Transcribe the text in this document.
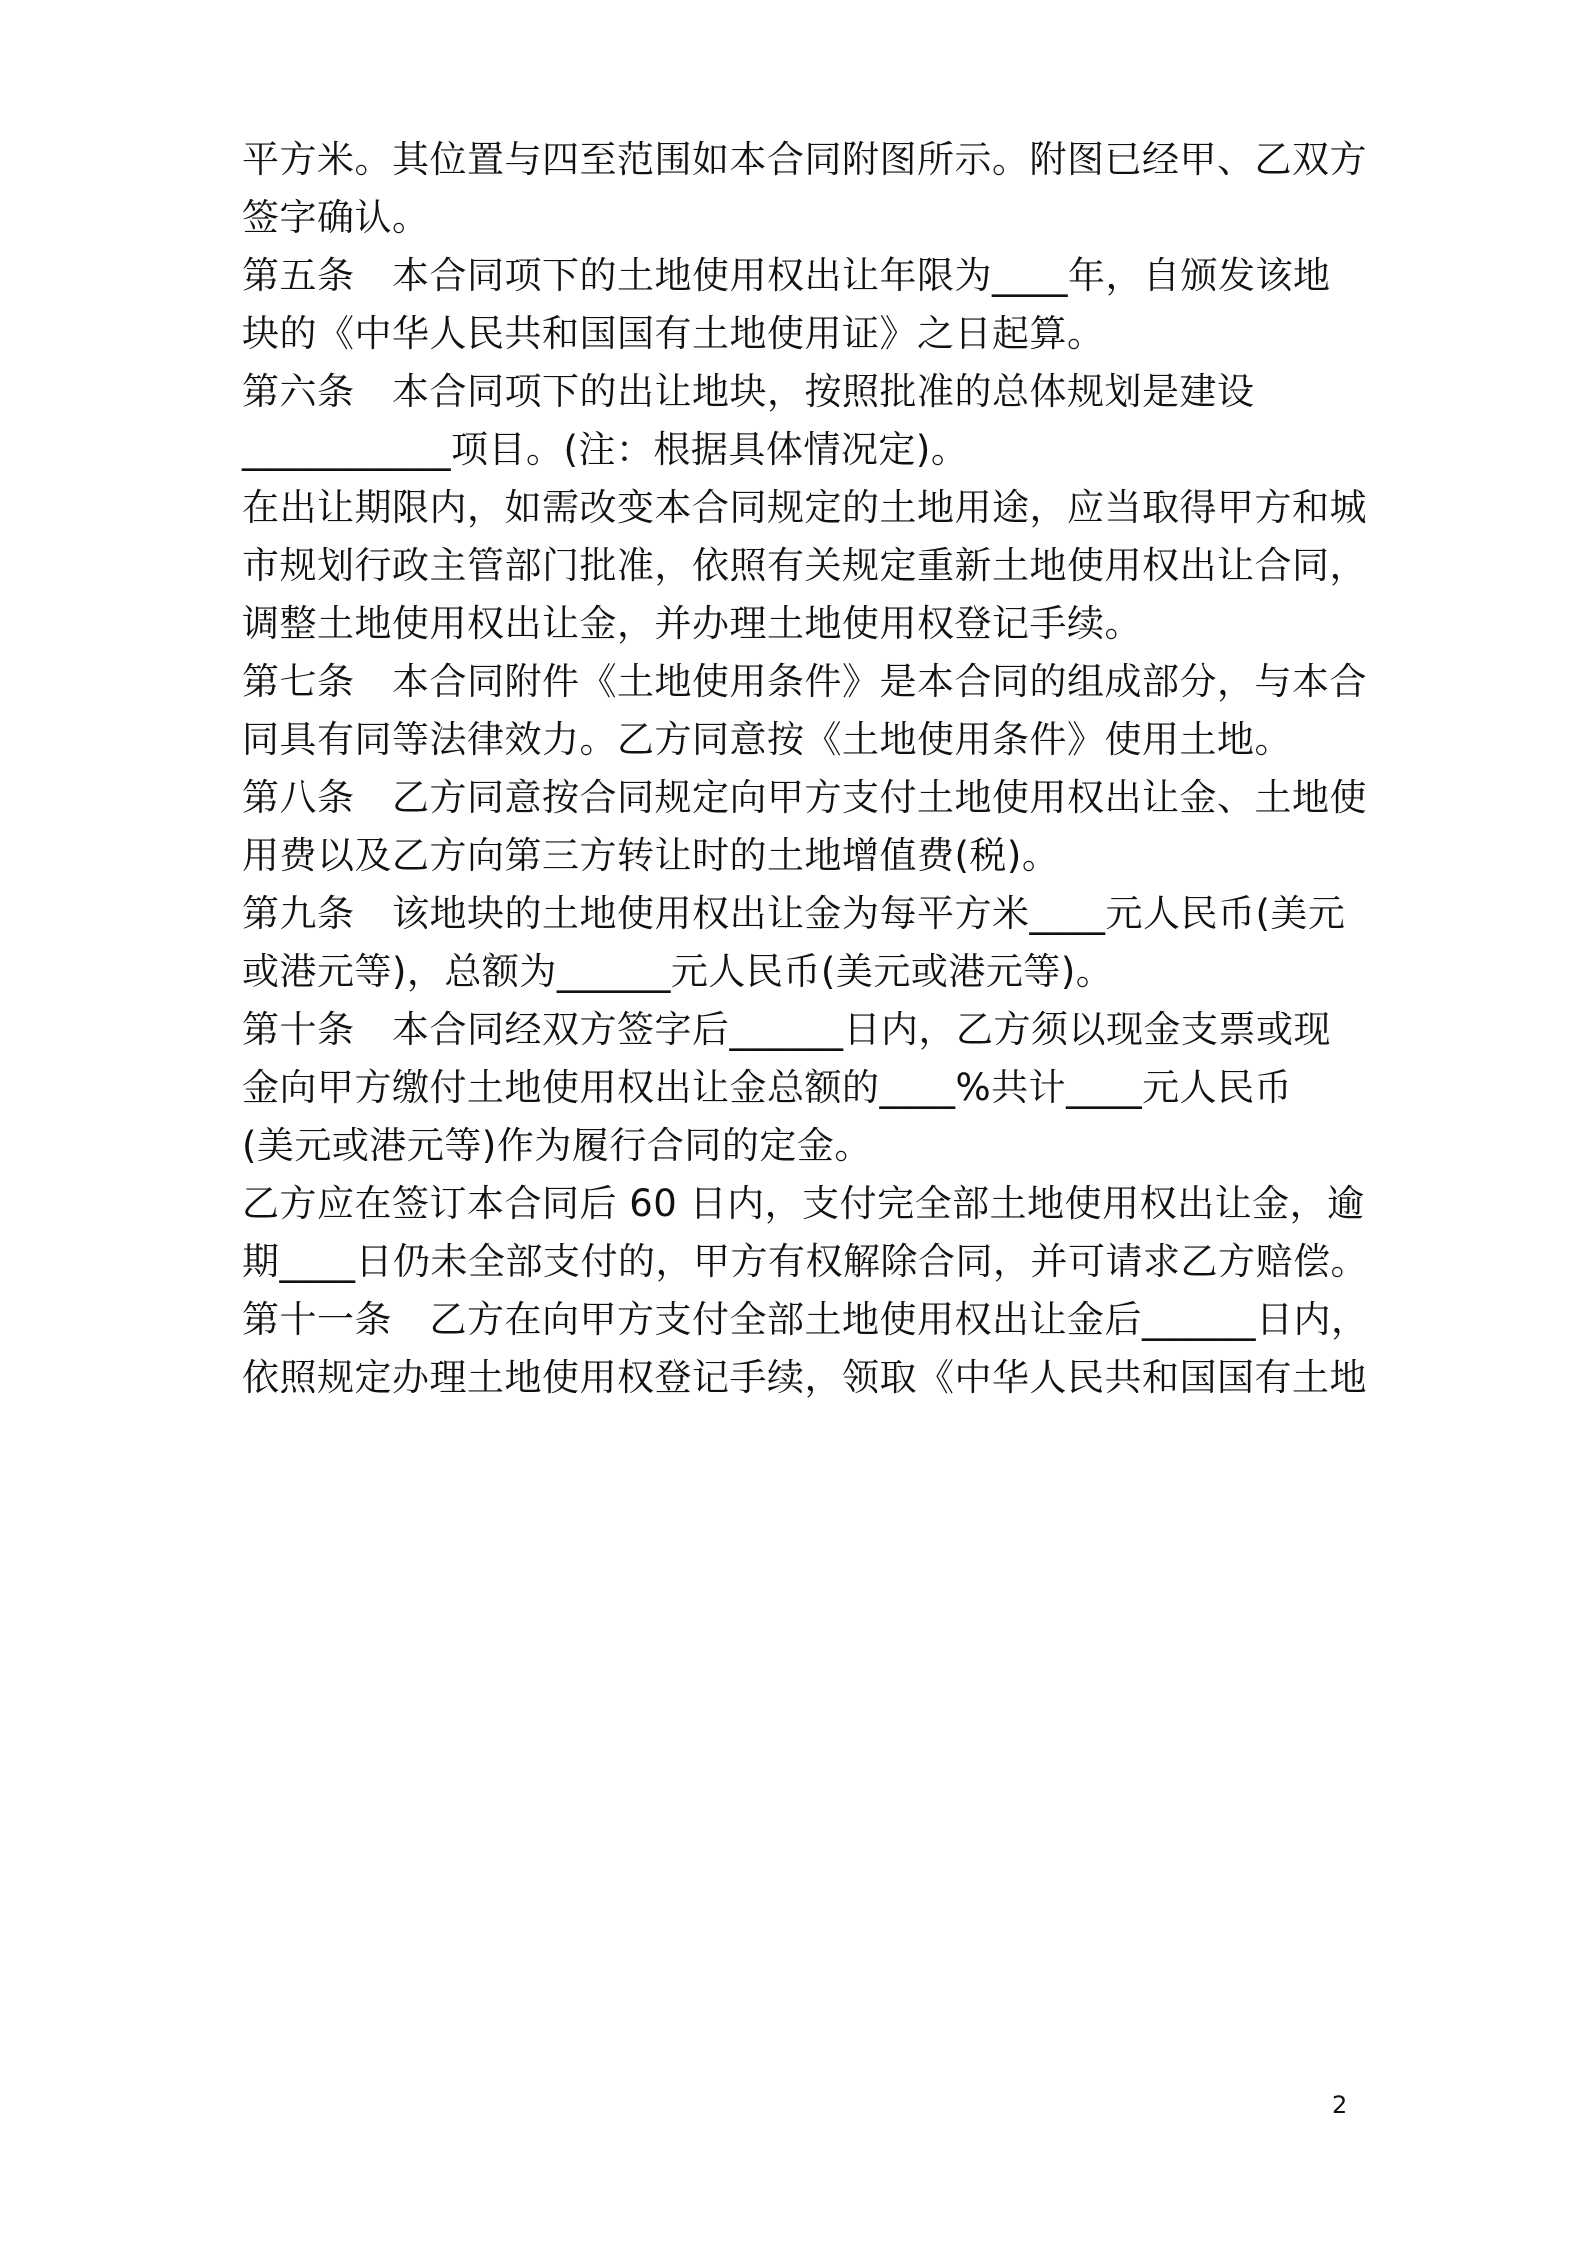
平方米。其位置与四至范围如本合同附图所示。附图已经甲、乙双方
签字确认。
第五条　本合同项下的土地使用权出让年限为____年，自颁发该地
块的《中华人民共和国国有土地使用证》之日起算。
第六条　本合同项下的出让地块，按照批准的总体规划是建设
___________项目。(注：根据具体情况定)。
在出让期限内，如需改变本合同规定的土地用途，应当取得甲方和城
市规划行政主管部门批准，依照有关规定重新土地使用权出让合同，
调整土地使用权出让金，并办理土地使用权登记手续。
第七条　本合同附件《土地使用条件》是本合同的组成部分，与本合
同具有同等法律效力。乙方同意按《土地使用条件》使用土地。
第八条　乙方同意按合同规定向甲方支付土地使用权出让金、土地使
用费以及乙方向第三方转让时的土地增值费(税)。
第九条　该地块的土地使用权出让金为每平方米____元人民币(美元
或港元等)，总额为______元人民币(美元或港元等)。
第十条　本合同经双方签字后______日内，乙方须以现金支票或现
金向甲方缴付土地使用权出让金总额的____%共计____元人民币
(美元或港元等)作为履行合同的定金。
乙方应在签订本合同后 60 日内，支付完全部土地使用权出让金，逾
期____日仍未全部支付的，甲方有权解除合同，并可请求乙方赔偿。
第十一条　乙方在向甲方支付全部土地使用权出让金后______日内，
依照规定办理土地使用权登记手续，领取《中华人民共和国国有土地
2
